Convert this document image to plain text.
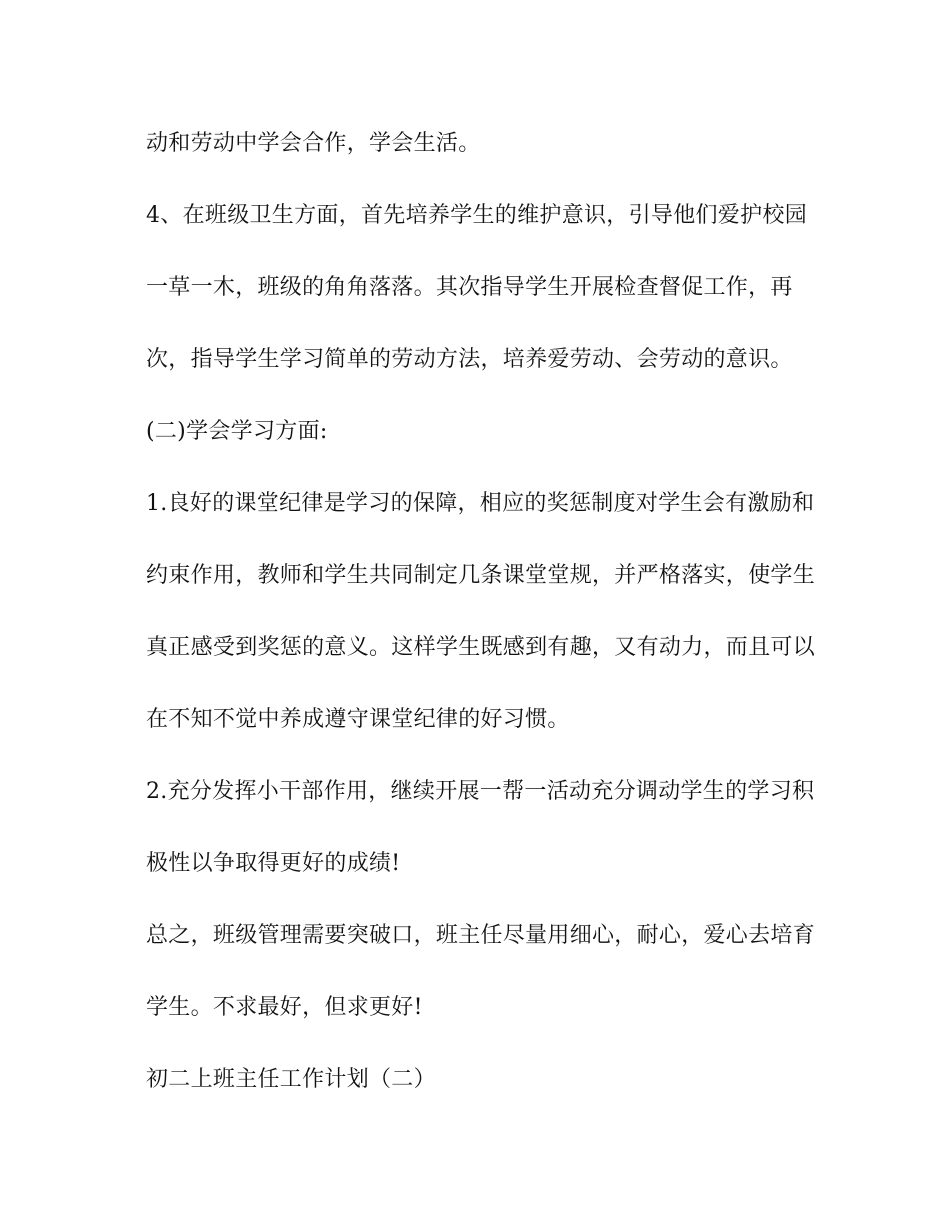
动和劳动中学会合作，学会生活。
4、在班级卫生方面，首先培养学生的维护意识，引导他们爱护校园
一草一木，班级的角角落落。其次指导学生开展检查督促工作，再
次，指导学生学习简单的劳动方法，培养爱劳动、会劳动的意识。
(二)学会学习方面:
1.良好的课堂纪律是学习的保障，相应的奖惩制度对学生会有激励和
约束作用，教师和学生共同制定几条课堂堂规，并严格落实，使学生
真正感受到奖惩的意义。这样学生既感到有趣，又有动力，而且可以
在不知不觉中养成遵守课堂纪律的好习惯。
2.充分发挥小干部作用，继续开展一帮一活动充分调动学生的学习积
极性以争取得更好的成绩!
总之，班级管理需要突破口，班主任尽量用细心，耐心，爱心去培育
学生。不求最好，但求更好!
初二上班主任工作计划（二）
